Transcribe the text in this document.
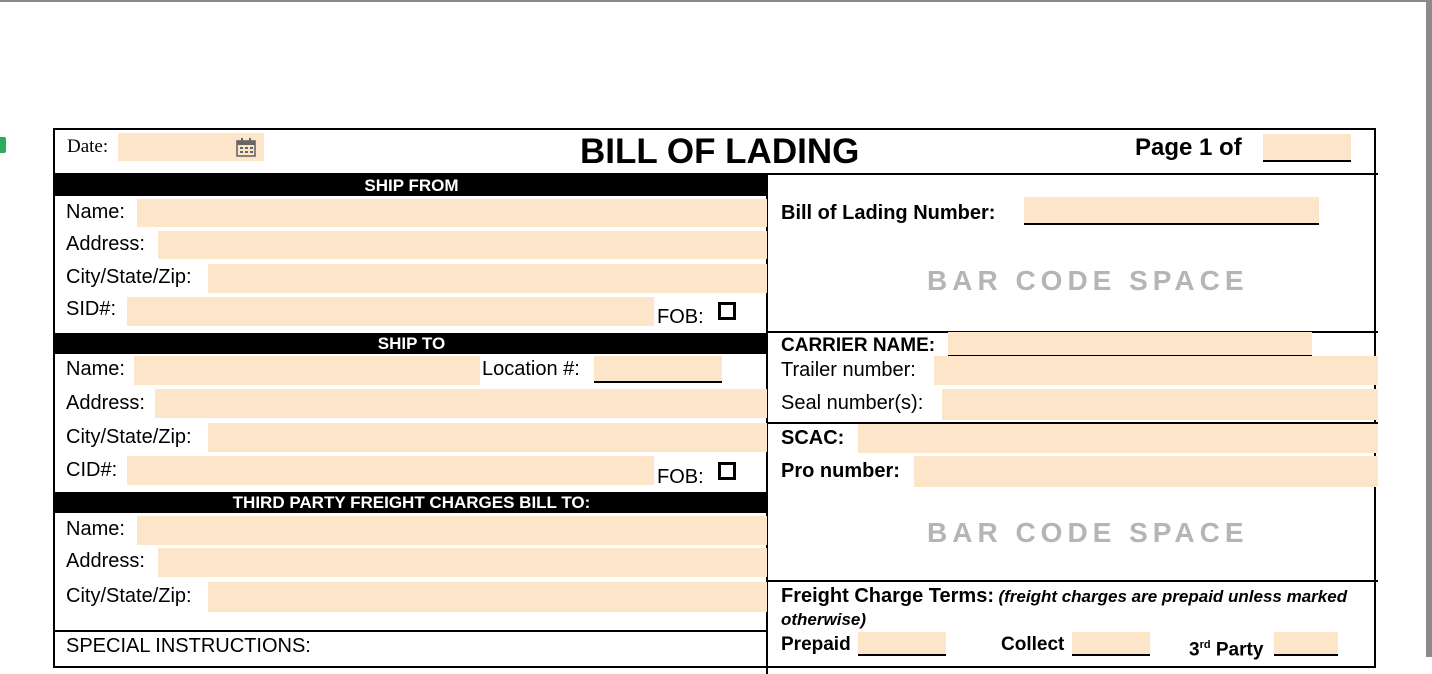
Date:	BILL OF LADING	Page 1 of
SHIP FROM
Name:
Address:
City/State/Zip:
SID#:	FOB:
SHIP TO
Name:	Location #:
Address:
City/State/Zip:
CID#:	FOB:
THIRD PARTY FREIGHT CHARGES BILL TO:
Name:
Address:
City/State/Zip:
SPECIAL INSTRUCTIONS:
Bill of Lading Number:
BAR CODE SPACE
CARRIER NAME:
Trailer number:
Seal number(s):
SCAC:
Pro number:
BAR CODE SPACE
Freight Charge Terms: (freight charges are prepaid unless marked otherwise)
Prepaid	Collect	3rd Party
